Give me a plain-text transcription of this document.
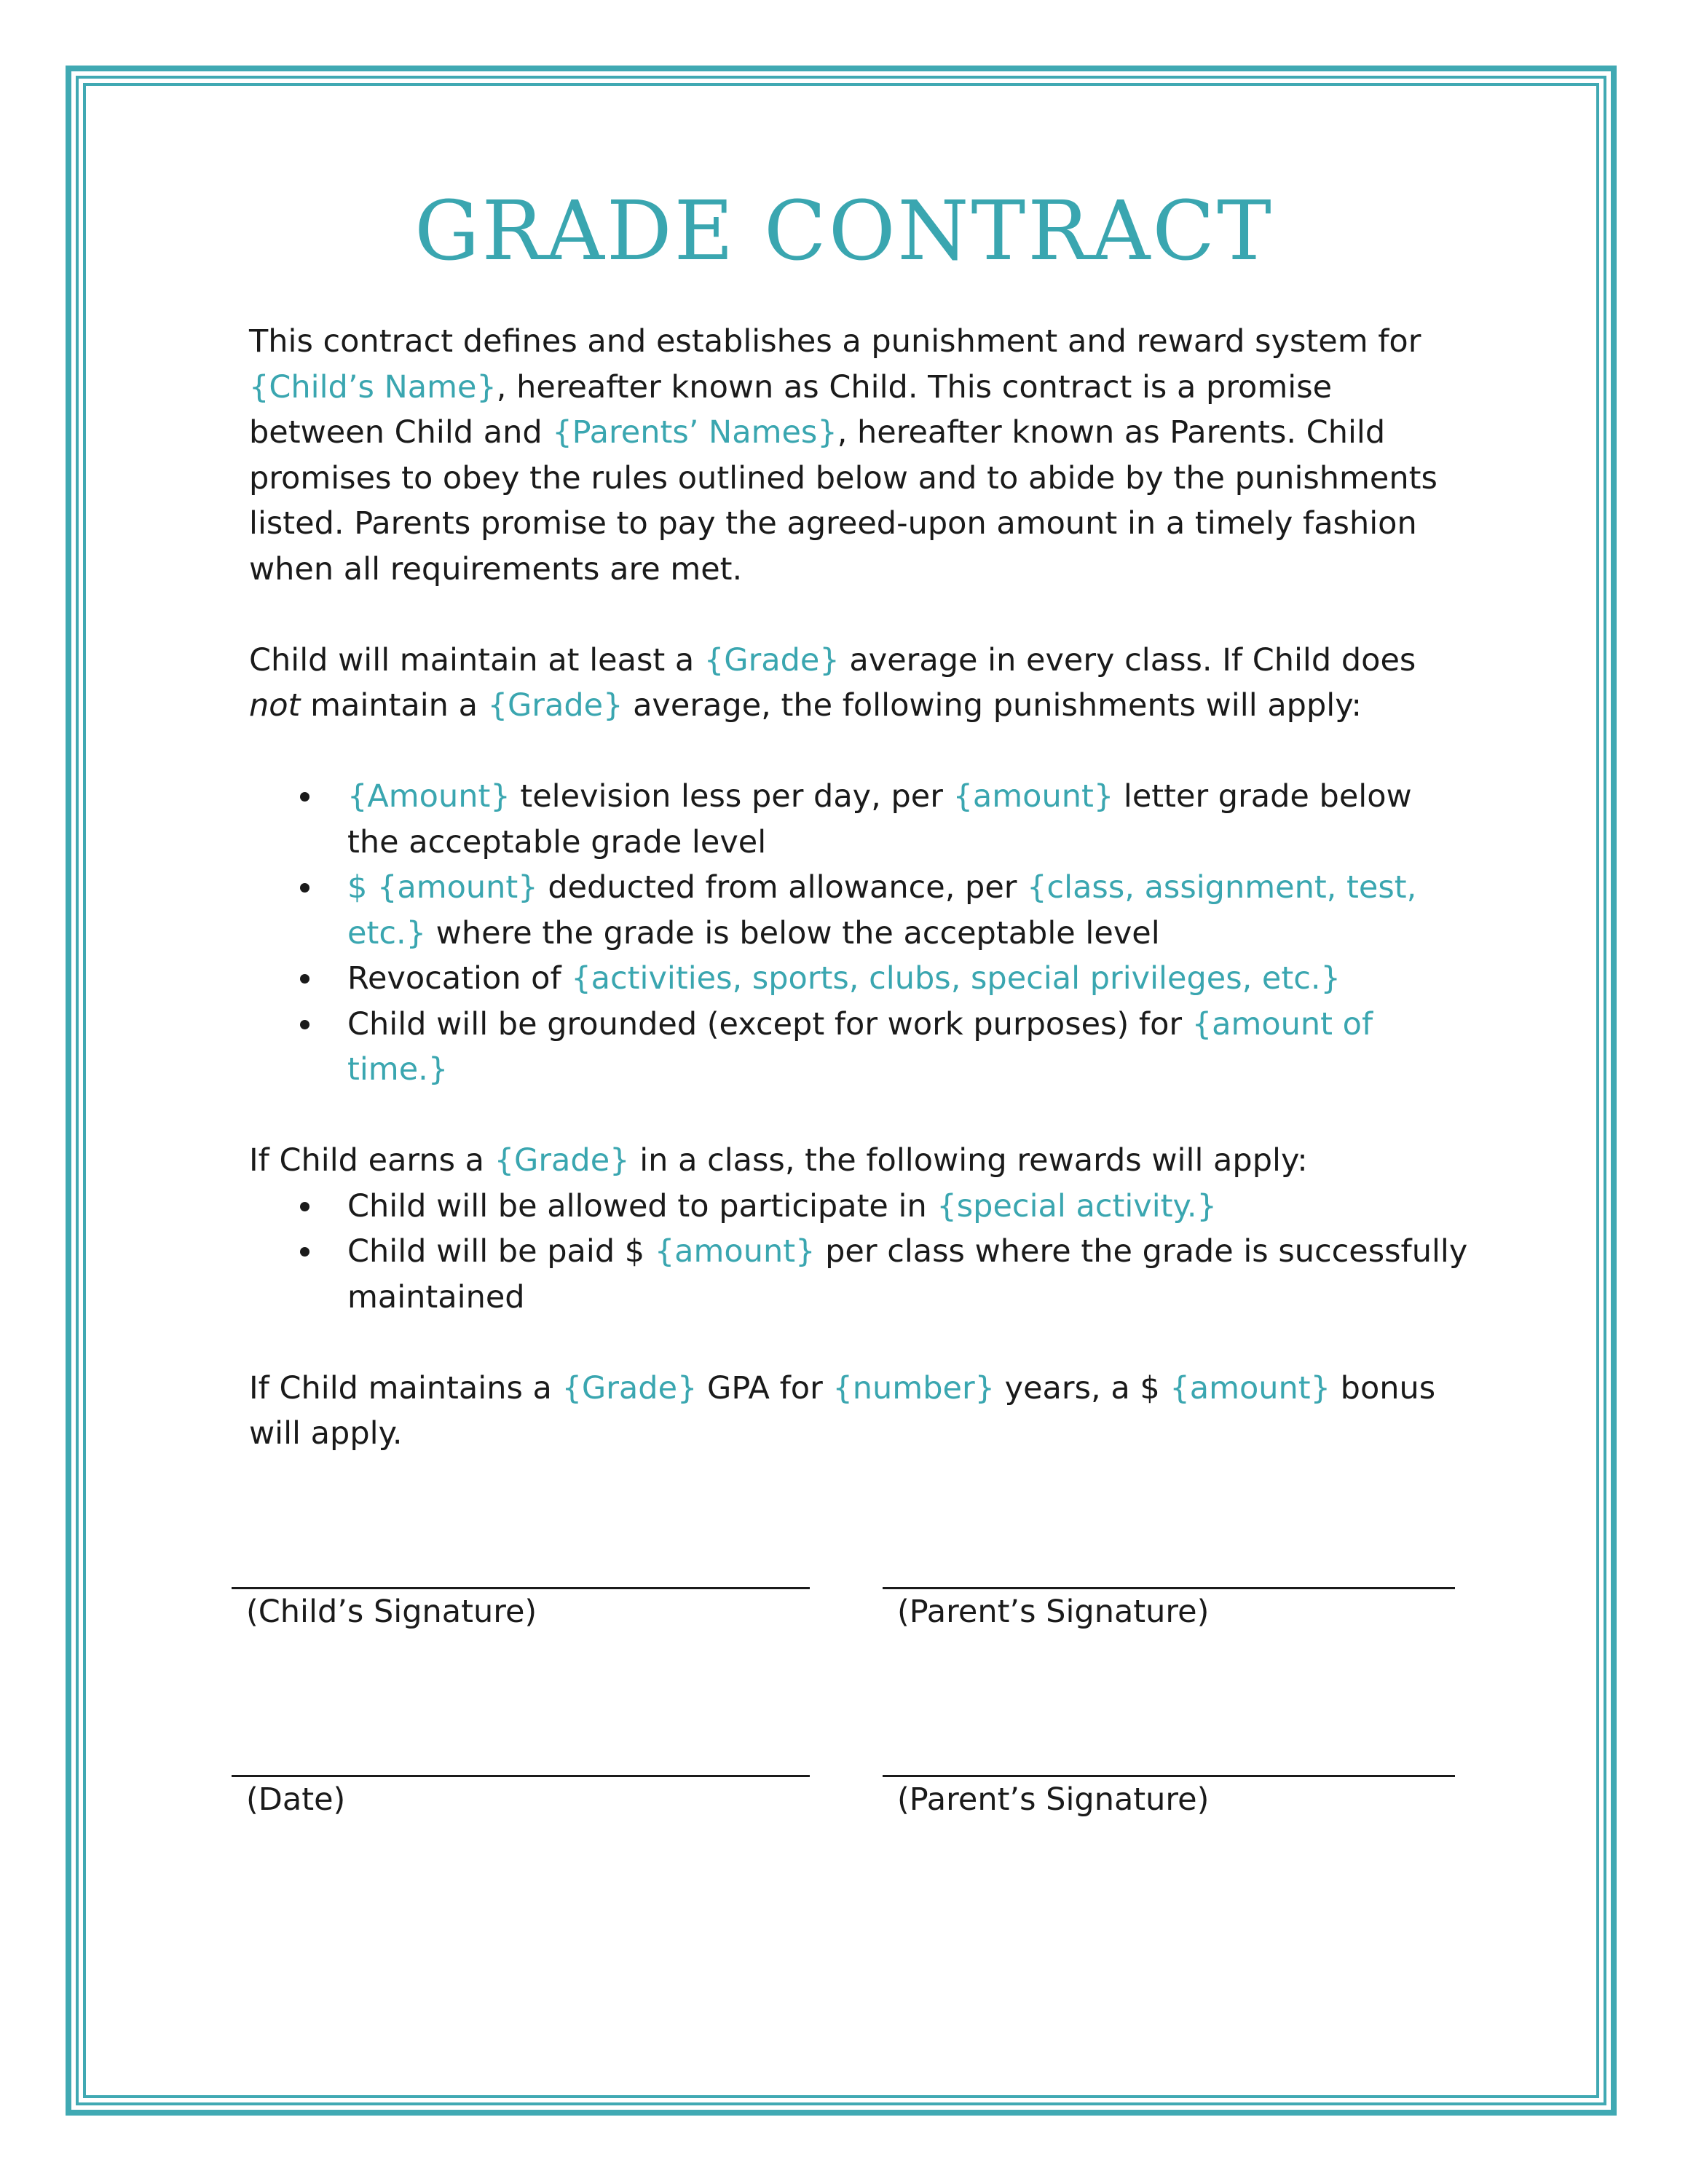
GRADE CONTRACT

This contract defines and establishes a punishment and reward system for {Child’s Name}, hereafter known as Child. This contract is a promise between Child and {Parents’ Names}, hereafter known as Parents. Child promises to obey the rules outlined below and to abide by the punishments listed. Parents promise to pay the agreed-upon amount in a timely fashion when all requirements are met.

Child will maintain at least a {Grade} average in every class. If Child does not maintain a {Grade} average, the following punishments will apply:

{Amount} television less per day, per {amount} letter grade below the acceptable grade level
$ {amount} deducted from allowance, per {class, assignment, test, etc.} where the grade is below the acceptable level
Revocation of {activities, sports, clubs, special privileges, etc.}
Child will be grounded (except for work purposes) for {amount of time.}

If Child earns a {Grade} in a class, the following rewards will apply:

Child will be allowed to participate in {special activity.}
Child will be paid $ {amount} per class where the grade is successfully maintained

If Child maintains a {Grade} GPA for {number} years, a $ {amount} bonus will apply.

(Child’s Signature)	(Parent’s Signature)
(Date)	(Parent’s Signature)
